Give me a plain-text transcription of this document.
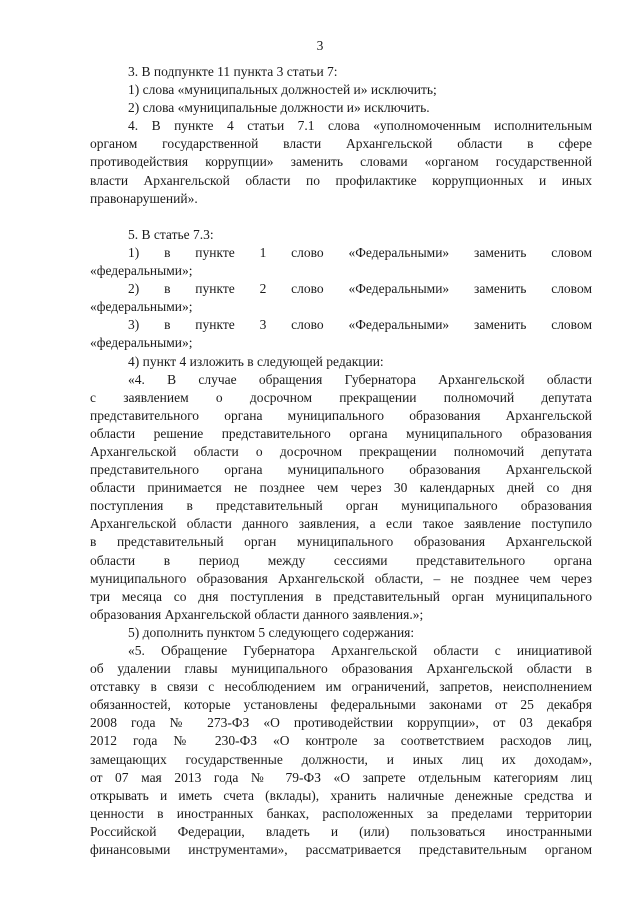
3
3. В подпункте 11 пункта 3 статьи 7:
1) слова «муниципальных должностей и» исключить;
2) слова «муниципальные должности и» исключить.
4. В пункте 4 статьи 7.1 слова «уполномоченным исполнительным
органом государственной власти Архангельской области в сфере
противодействия коррупции» заменить словами «органом государственной
власти Архангельской области по профилактике коррупционных и иных
правонарушений».
5. В статье 7.3:
1) в пункте 1 слово «Федеральными» заменить словом
«федеральными»;
2) в пункте 2 слово «Федеральными» заменить словом
«федеральными»;
3) в пункте 3 слово «Федеральными» заменить словом
«федеральными»;
4) пункт 4 изложить в следующей редакции:
«4. В случае обращения Губернатора Архангельской области
с заявлением о досрочном прекращении полномочий депутата
представительного органа муниципального образования Архангельской
области решение представительного органа муниципального образования
Архангельской области о досрочном прекращении полномочий депутата
представительного органа муниципального образования Архангельской
области принимается не позднее чем через 30 календарных дней со дня
поступления в представительный орган муниципального образования
Архангельской области данного заявления, а если такое заявление поступило
в представительный орган муниципального образования Архангельской
области в период между сессиями представительного органа
муниципального образования Архангельской области, – не позднее чем через
три месяца со дня поступления в представительный орган муниципального
образования Архангельской области данного заявления.»;
5) дополнить пунктом 5 следующего содержания:
«5. Обращение Губернатора Архангельской области с инициативой
об удалении главы муниципального образования Архангельской области в
отставку в связи с несоблюдением им ограничений, запретов, неисполнением
обязанностей, которые установлены федеральными законами от 25 декабря
2008 года № 273-ФЗ «О противодействии коррупции», от 03 декабря
2012 года № 230-ФЗ «О контроле за соответствием расходов лиц,
замещающих государственные должности, и иных лиц их доходам»,
от 07 мая 2013 года № 79-ФЗ «О запрете отдельным категориям лиц
открывать и иметь счета (вклады), хранить наличные денежные средства и
ценности в иностранных банках, расположенных за пределами территории
Российской Федерации, владеть и (или) пользоваться иностранными
финансовыми инструментами», рассматривается представительным органом
